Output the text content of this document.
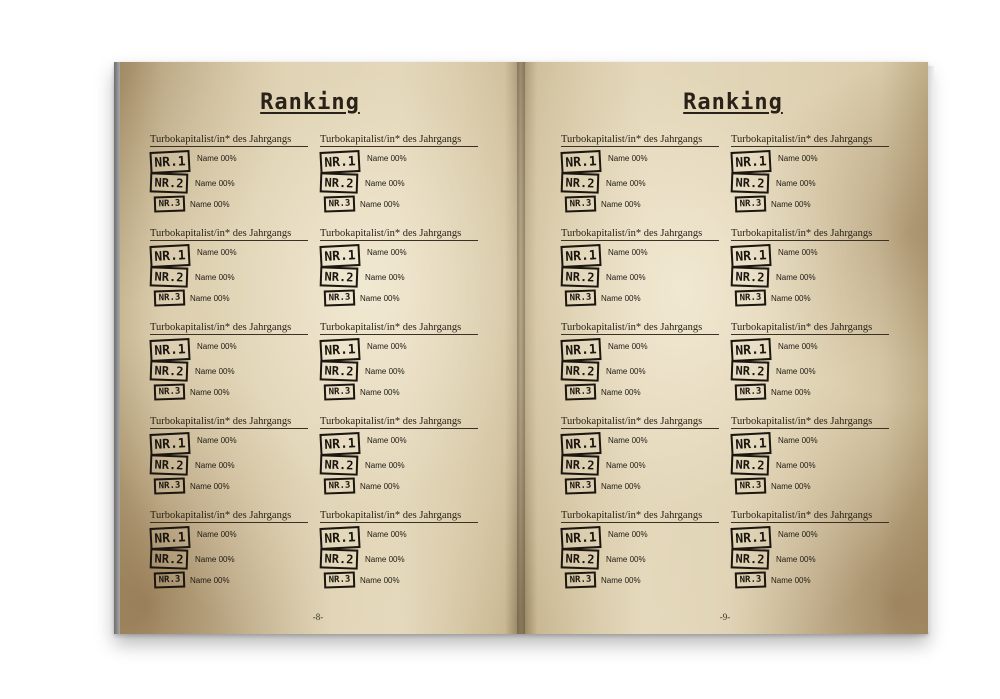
Ranking
Turbokapitalist/in* des Jahrgangs
NR.1	Name 00%
NR.2	Name 00%
NR.3	Name 00%
Turbokapitalist/in* des Jahrgangs
NR.1	Name 00%
NR.2	Name 00%
NR.3	Name 00%
Turbokapitalist/in* des Jahrgangs
NR.1	Name 00%
NR.2	Name 00%
NR.3	Name 00%
Turbokapitalist/in* des Jahrgangs
NR.1	Name 00%
NR.2	Name 00%
NR.3	Name 00%
Turbokapitalist/in* des Jahrgangs
NR.1	Name 00%
NR.2	Name 00%
NR.3	Name 00%
Turbokapitalist/in* des Jahrgangs
NR.1	Name 00%
NR.2	Name 00%
NR.3	Name 00%
Turbokapitalist/in* des Jahrgangs
NR.1	Name 00%
NR.2	Name 00%
NR.3	Name 00%
Turbokapitalist/in* des Jahrgangs
NR.1	Name 00%
NR.2	Name 00%
NR.3	Name 00%
Turbokapitalist/in* des Jahrgangs
NR.1	Name 00%
NR.2	Name 00%
NR.3	Name 00%
Turbokapitalist/in* des Jahrgangs
NR.1	Name 00%
NR.2	Name 00%
NR.3	Name 00%
-8-
Ranking
Turbokapitalist/in* des Jahrgangs
NR.1	Name 00%
NR.2	Name 00%
NR.3	Name 00%
Turbokapitalist/in* des Jahrgangs
NR.1	Name 00%
NR.2	Name 00%
NR.3	Name 00%
Turbokapitalist/in* des Jahrgangs
NR.1	Name 00%
NR.2	Name 00%
NR.3	Name 00%
Turbokapitalist/in* des Jahrgangs
NR.1	Name 00%
NR.2	Name 00%
NR.3	Name 00%
Turbokapitalist/in* des Jahrgangs
NR.1	Name 00%
NR.2	Name 00%
NR.3	Name 00%
Turbokapitalist/in* des Jahrgangs
NR.1	Name 00%
NR.2	Name 00%
NR.3	Name 00%
Turbokapitalist/in* des Jahrgangs
NR.1	Name 00%
NR.2	Name 00%
NR.3	Name 00%
Turbokapitalist/in* des Jahrgangs
NR.1	Name 00%
NR.2	Name 00%
NR.3	Name 00%
Turbokapitalist/in* des Jahrgangs
NR.1	Name 00%
NR.2	Name 00%
NR.3	Name 00%
Turbokapitalist/in* des Jahrgangs
NR.1	Name 00%
NR.2	Name 00%
NR.3	Name 00%
-9-
